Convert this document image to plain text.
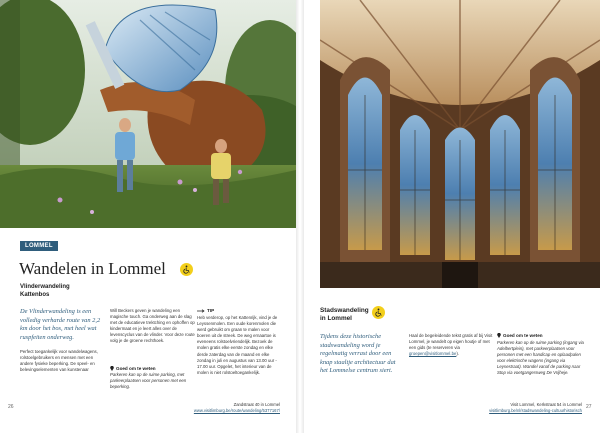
LOMMEL
Wandelen in Lommel
Vlinderwandeling
Kattenbos
De Vlinderwandeling is een volledig verharde route van 2,2 km door het bos, met heel wat ruspfeiten onderweg.
Perfect toegankelijk voor wandelwagens, rolstoelgebruikers en mensen met een andere fysieke beperking. De speel- en belevingselementen van kunstenaar
Will Beckers geven je wandeling een magische touch. Ga onderweg aan de slag met de educatieve trektching en ophoffen op kindermaat en je leert alles over de levenscyclus van de vlinder. Voor deze route volg je de groene rechthoek.
Goed om te weten
Parkeren kan op de ruime parking, met parkeerplaatsen voor personen met een beperking.
TIP
Heb verderop, op het Kattenrijk, vind je de Leyssenmolen. Een oude korenmolen die werd gebruikt om graan te malen voor boeren uit de streek. De weg ernaartoe is eveneens rolstoelvriendelijk. Bezoek de molen gratis elke eerste zondag en elke derde zaterdag van de maand en elke zondag in juli en augustus van 13.00 uur - 17.00 uur. Opgelet, het interieur van de molen is niet rolstoeltoegankelijk.
Zandstraat 40 in Lommel
www.visitlimburg.be/route/wandeling/5377167/
26
Stadswandeling
in Lommel
Tijdens deze historische stadswandeling word je regelmatig verrast door een knap staaltje architectuur dat het Lommelse centrum siert.
Haal de begeleidende tekst gratis af bij Visit Lommel, je wandelt op eigen houtje of met een gids (te reserveren via groepen@visitlommel.be).
Goed om te weten
Parkeren kan op de ruime parking (ingang via Adelbertplein), met parkeerplaatsen voor personen met een handicap en oplaadpalen voor elektrische wagens (ingang via Leysestraat). Wandel vanaf de parking naar Stop via voetgangersweg De Vrijheje.
Visit Lommel, Kerkstraat 54 in Lommel
visitlimburg.be/nl/stadswandeling-cultuurhistorisch
27
